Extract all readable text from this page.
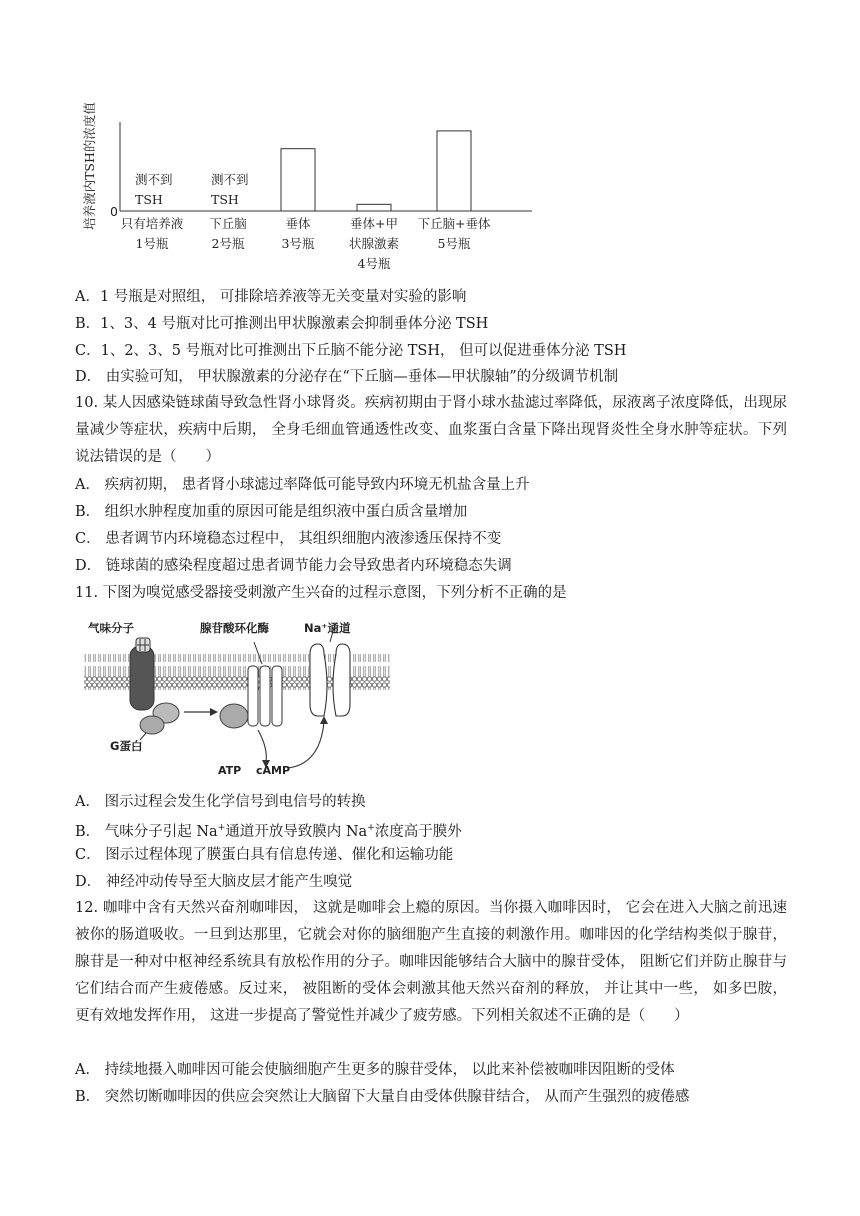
培养液内TSH的浓度值 0
测不到
TSH
只有培养液
1号瓶
测不到
TSH
下丘脑
2号瓶
垂体
3号瓶
垂体+甲
状腺激素
4号瓶
下丘脑+垂体
5号瓶
A．1 号瓶是对照组， 可排除培养液等无关变量对实验的影响
B．1、3、4 号瓶对比可推测出甲状腺激素会抑制垂体分泌 TSH
C．1、2、3、5 号瓶对比可推测出下丘脑不能分泌 TSH， 但可以促进垂体分泌 TSH
D． 由实验可知， 甲状腺激素的分泌存在“下丘脑—垂体—甲状腺轴”的分级调节机制
10. 某人因感染链球菌导致急性肾小球肾炎。疾病初期由于肾小球水盐滤过率降低，尿液离子浓度降低，出现尿量减少等症状，疾病中后期， 全身毛细血管通透性改变、血浆蛋白含量下降出现肾炎性全身水肿等症状。下列说法错误的是（　　）
A． 疾病初期， 患者肾小球滤过率降低可能导致内环境无机盐含量上升
B． 组织水肿程度加重的原因可能是组织液中蛋白质含量增加
C． 患者调节内环境稳态过程中， 其组织细胞内液渗透压保持不变
D． 链球菌的感染程度超过患者调节能力会导致患者内环境稳态失调
11. 下图为嗅觉感受器接受刺激产生兴奋的过程示意图，下列分析不正确的是
气味分子	腺苷酸环化酶	Na⁺通道
G蛋白
ATP cAMP
A． 图示过程会发生化学信号到电信号的转换
B． 气味分子引起 Na+通道开放导致膜内 Na+浓度高于膜外
C． 图示过程体现了膜蛋白具有信息传递、催化和运输功能
D． 神经冲动传导至大脑皮层才能产生嗅觉
12. 咖啡中含有天然兴奋剂咖啡因， 这就是咖啡会上瘾的原因。当你摄入咖啡因时， 它会在进入大脑之前迅速被你的肠道吸收。一旦到达那里，它就会对你的脑细胞产生直接的刺激作用。咖啡因的化学结构类似于腺苷， 腺苷是一种对中枢神经系统具有放松作用的分子。咖啡因能够结合大脑中的腺苷受体， 阻断它们并防止腺苷与它们结合而产生疲倦感。反过来， 被阻断的受体会刺激其他天然兴奋剂的释放， 并让其中一些， 如多巴胺， 更有效地发挥作用， 这进一步提高了警觉性并减少了疲劳感。下列相关叙述不正确的是（　　）
A． 持续地摄入咖啡因可能会使脑细胞产生更多的腺苷受体， 以此来补偿被咖啡因阻断的受体
B． 突然切断咖啡因的供应会突然让大脑留下大量自由受体供腺苷结合， 从而产生强烈的疲倦感
